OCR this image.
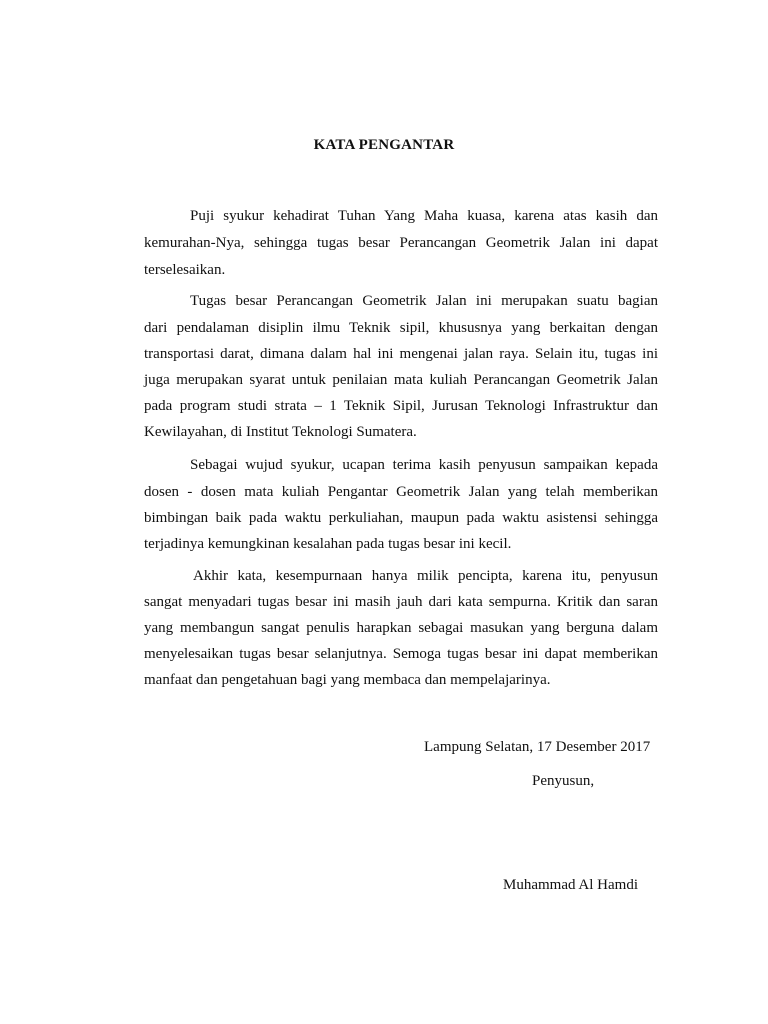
KATA PENGANTAR
Puji syukur kehadirat Tuhan Yang Maha kuasa, karena atas kasih dan
kemurahan-Nya, sehingga tugas besar Perancangan Geometrik Jalan ini dapat
terselesaikan.
Tugas besar Perancangan Geometrik Jalan ini merupakan suatu bagian
dari pendalaman disiplin ilmu Teknik sipil, khususnya yang berkaitan dengan
transportasi darat, dimana dalam hal ini mengenai jalan raya. Selain itu, tugas ini
juga merupakan syarat untuk penilaian mata kuliah Perancangan Geometrik Jalan
pada program studi strata – 1 Teknik Sipil, Jurusan Teknologi Infrastruktur dan
Kewilayahan, di Institut Teknologi Sumatera.
Sebagai wujud syukur, ucapan terima kasih penyusun sampaikan kepada
dosen - dosen mata kuliah Pengantar Geometrik Jalan yang telah memberikan
bimbingan baik pada waktu perkuliahan, maupun pada waktu asistensi sehingga
terjadinya kemungkinan kesalahan pada tugas besar ini kecil.
Akhir kata, kesempurnaan hanya milik pencipta, karena itu, penyusun
sangat menyadari tugas besar ini masih jauh dari kata sempurna. Kritik dan saran
yang membangun sangat penulis harapkan sebagai masukan yang berguna dalam
menyelesaikan tugas besar selanjutnya. Semoga tugas besar ini dapat memberikan
manfaat dan pengetahuan bagi yang membaca dan mempelajarinya.
Lampung Selatan, 17 Desember 2017
Penyusun,
Muhammad Al Hamdi
